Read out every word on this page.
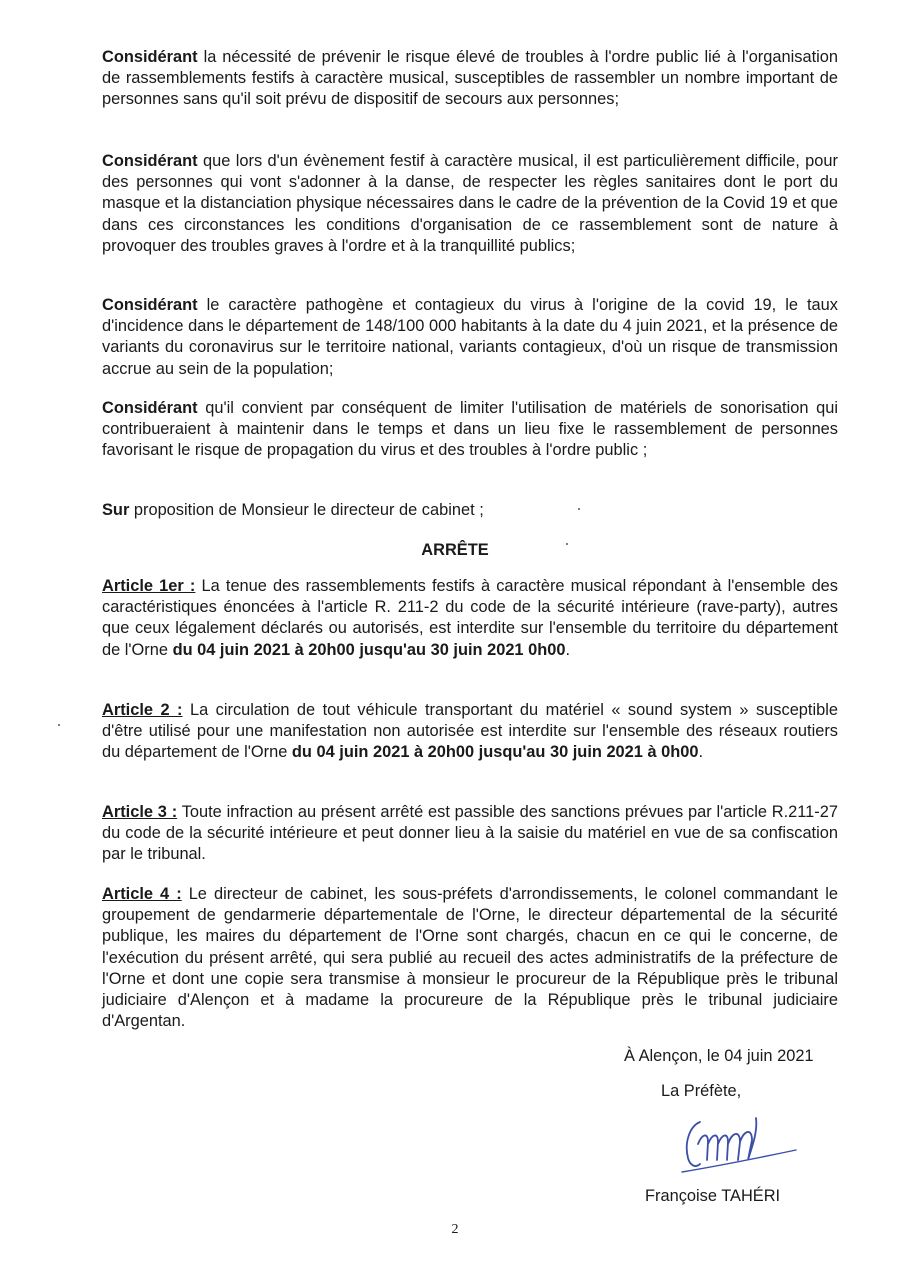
Considérant la nécessité de prévenir le risque élevé de troubles à l'ordre public lié à l'organisation de rassemblements festifs à caractère musical, susceptibles de rassembler un nombre important de personnes sans qu'il soit prévu de dispositif de secours aux personnes;

Considérant que lors d'un évènement festif à caractère musical, il est particulièrement difficile, pour des personnes qui vont s'adonner à la danse, de respecter les règles sanitaires dont le port du masque et la distanciation physique nécessaires dans le cadre de la prévention de la Covid 19 et que dans ces circonstances les conditions d'organisation de ce rassemblement sont de nature à provoquer des troubles graves à l'ordre et à la tranquillité publics;

Considérant le caractère pathogène et contagieux du virus à l'origine de la covid 19, le taux d'incidence dans le département de 148/100 000 habitants à la date du 4 juin 2021, et la présence de variants du coronavirus sur le territoire national, variants contagieux, d'où un risque de transmission accrue au sein de la population;

Considérant qu'il convient par conséquent de limiter l'utilisation de matériels de sonorisation qui contribueraient à maintenir dans le temps et dans un lieu fixe le rassemblement de personnes favorisant le risque de propagation du virus et des troubles à l'ordre public ;

Sur proposition de Monsieur le directeur de cabinet ;

ARRÊTE

Article 1er : La tenue des rassemblements festifs à caractère musical répondant à l'ensemble des caractéristiques énoncées à l'article R. 211-2 du code de la sécurité intérieure (rave-party), autres que ceux légalement déclarés ou autorisés, est interdite sur l'ensemble du territoire du département de l'Orne du 04 juin 2021 à 20h00 jusqu'au 30 juin 2021 0h00.

Article 2 : La circulation de tout véhicule transportant du matériel « sound system » susceptible d'être utilisé pour une manifestation non autorisée est interdite sur l'ensemble des réseaux routiers du département de l'Orne du 04 juin 2021 à 20h00 jusqu'au 30 juin 2021 à 0h00.

Article 3 : Toute infraction au présent arrêté est passible des sanctions prévues par l'article R.211-27 du code de la sécurité intérieure et peut donner lieu à la saisie du matériel en vue de sa confiscation par le tribunal.

Article 4 : Le directeur de cabinet, les sous-préfets d'arrondissements, le colonel commandant le groupement de gendarmerie départementale de l'Orne, le directeur départemental de la sécurité publique, les maires du département de l'Orne sont chargés, chacun en ce qui le concerne, de l'exécution du présent arrêté, qui sera publié au recueil des actes administratifs de la préfecture de l'Orne et dont une copie sera transmise à monsieur le procureur de la République près le tribunal judiciaire d'Alençon et à madame la procureure de la République près le tribunal judiciaire d'Argentan.

À Alençon, le 04 juin 2021
La Préfète,
Françoise TAHÉRI
2
